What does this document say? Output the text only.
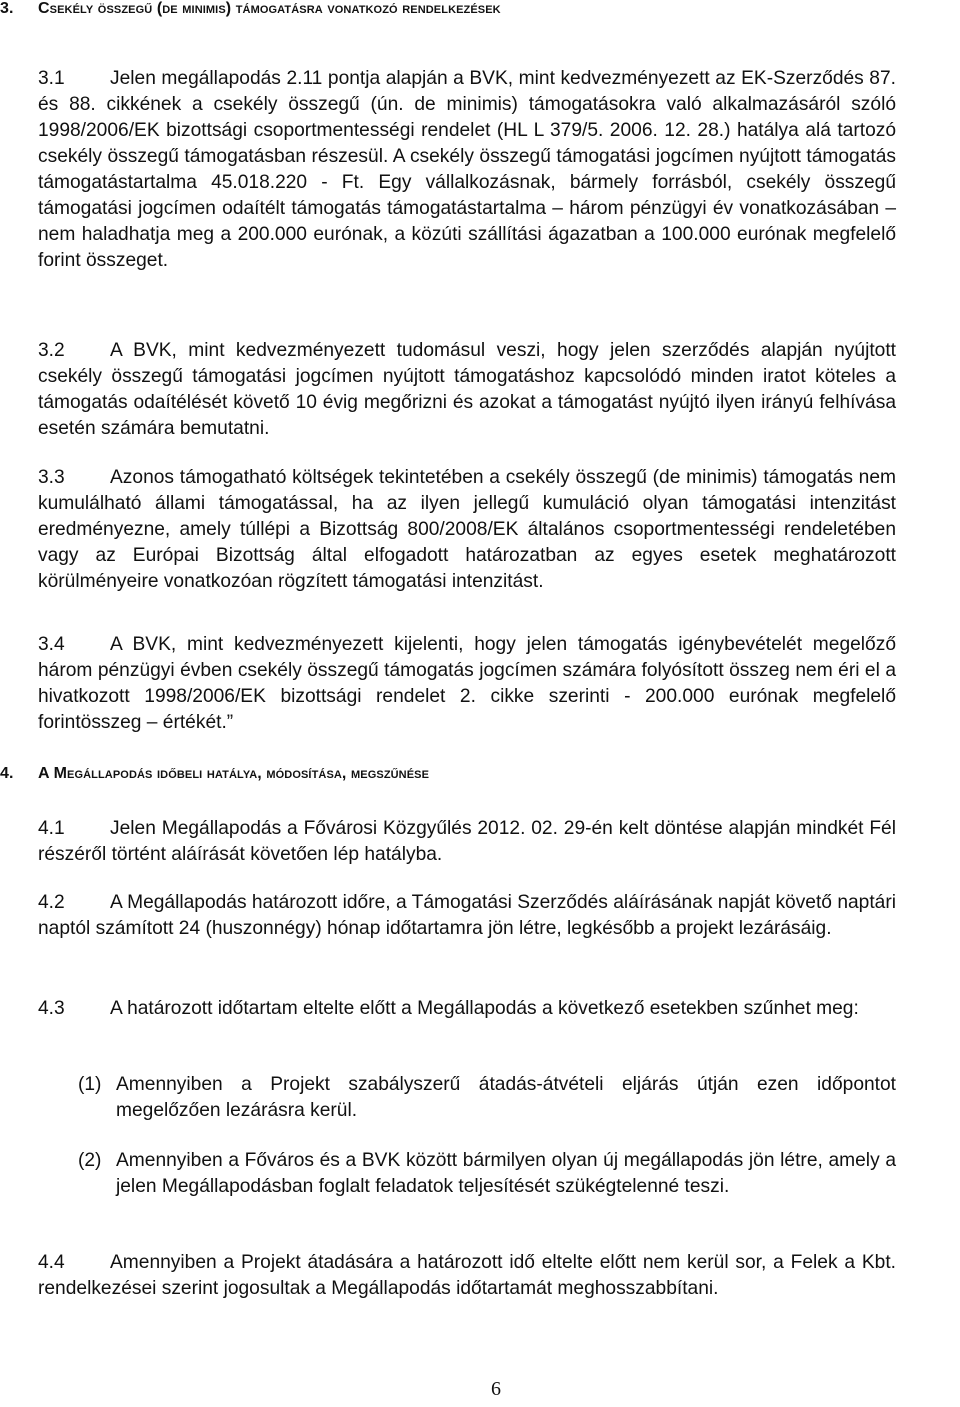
3. Csekély összegű (de minimis) támogatásra vonatkozó rendelkezések
3.1 Jelen megállapodás 2.11 pontja alapján a BVK, mint kedvezményezett az EK-Szerződés 87. és 88. cikkének a csekély összegű (ún. de minimis) támogatásokra való alkalmazásáról szóló 1998/2006/EK bizottsági csoportmentességi rendelet (HL L 379/5. 2006. 12. 28.) hatálya alá tartozó csekély összegű támogatásban részesül. A csekély összegű támogatási jogcímen nyújtott támogatás támogatástartalma 45.018.220 - Ft. Egy vállalkozásnak, bármely forrásból, csekély összegű támogatási jogcímen odaítélt támogatás támogatástartalma – három pénzügyi év vonatkozásában – nem haladhatja meg a 200.000 eurónak, a közúti szállítási ágazatban a 100.000 eurónak megfelelő forint összeget.
3.2 A BVK, mint kedvezményezett tudomásul veszi, hogy jelen szerződés alapján nyújtott csekély összegű támogatási jogcímen nyújtott támogatáshoz kapcsolódó minden iratot köteles a támogatás odaítélését követő 10 évig megőrizni és azokat a támogatást nyújtó ilyen irányú felhívása esetén számára bemutatni.
3.3 Azonos támogatható költségek tekintetében a csekély összegű (de minimis) támogatás nem kumulálható állami támogatással, ha az ilyen jellegű kumuláció olyan támogatási intenzitást eredményezne, amely túllépi a Bizottság 800/2008/EK általános csoportmentességi rendeletében vagy az Európai Bizottság által elfogadott határozatban az egyes esetek meghatározott körülményeire vonatkozóan rögzített támogatási intenzitást.
3.4 A BVK, mint kedvezményezett kijelenti, hogy jelen támogatás igénybevételét megelőző három pénzügyi évben csekély összegű támogatás jogcímen számára folyósított összeg nem éri el a hivatkozott 1998/2006/EK bizottsági rendelet 2. cikke szerinti - 200.000 eurónak megfelelő forintösszeg – értékét.”
4. A Megállapodás időbeli hatálya, módosítása, megszűnése
4.1 Jelen Megállapodás a Fővárosi Közgyűlés 2012. 02. 29-én kelt döntése alapján mindkét Fél részéről történt aláírását követően lép hatályba.
4.2 A Megállapodás határozott időre, a Támogatási Szerződés aláírásának napját követő naptári naptól számított 24 (huszonnégy) hónap időtartamra jön létre, legkésőbb a projekt lezárásáig.
4.3 A határozott időtartam eltelte előtt a Megállapodás a következő esetekben szűnhet meg:
(1) Amennyiben a Projekt szabályszerű átadás-átvételi eljárás útján ezen időpontot megelőzően lezárásra kerül.
(2) Amennyiben a Főváros és a BVK között bármilyen olyan új megállapodás jön létre, amely a jelen Megállapodásban foglalt feladatok teljesítését szükégtelenné teszi.
4.4 Amennyiben a Projekt átadására a határozott idő eltelte előtt nem kerül sor, a Felek a Kbt. rendelkezései szerint jogosultak a Megállapodás időtartamát meghosszabbítani.
6
